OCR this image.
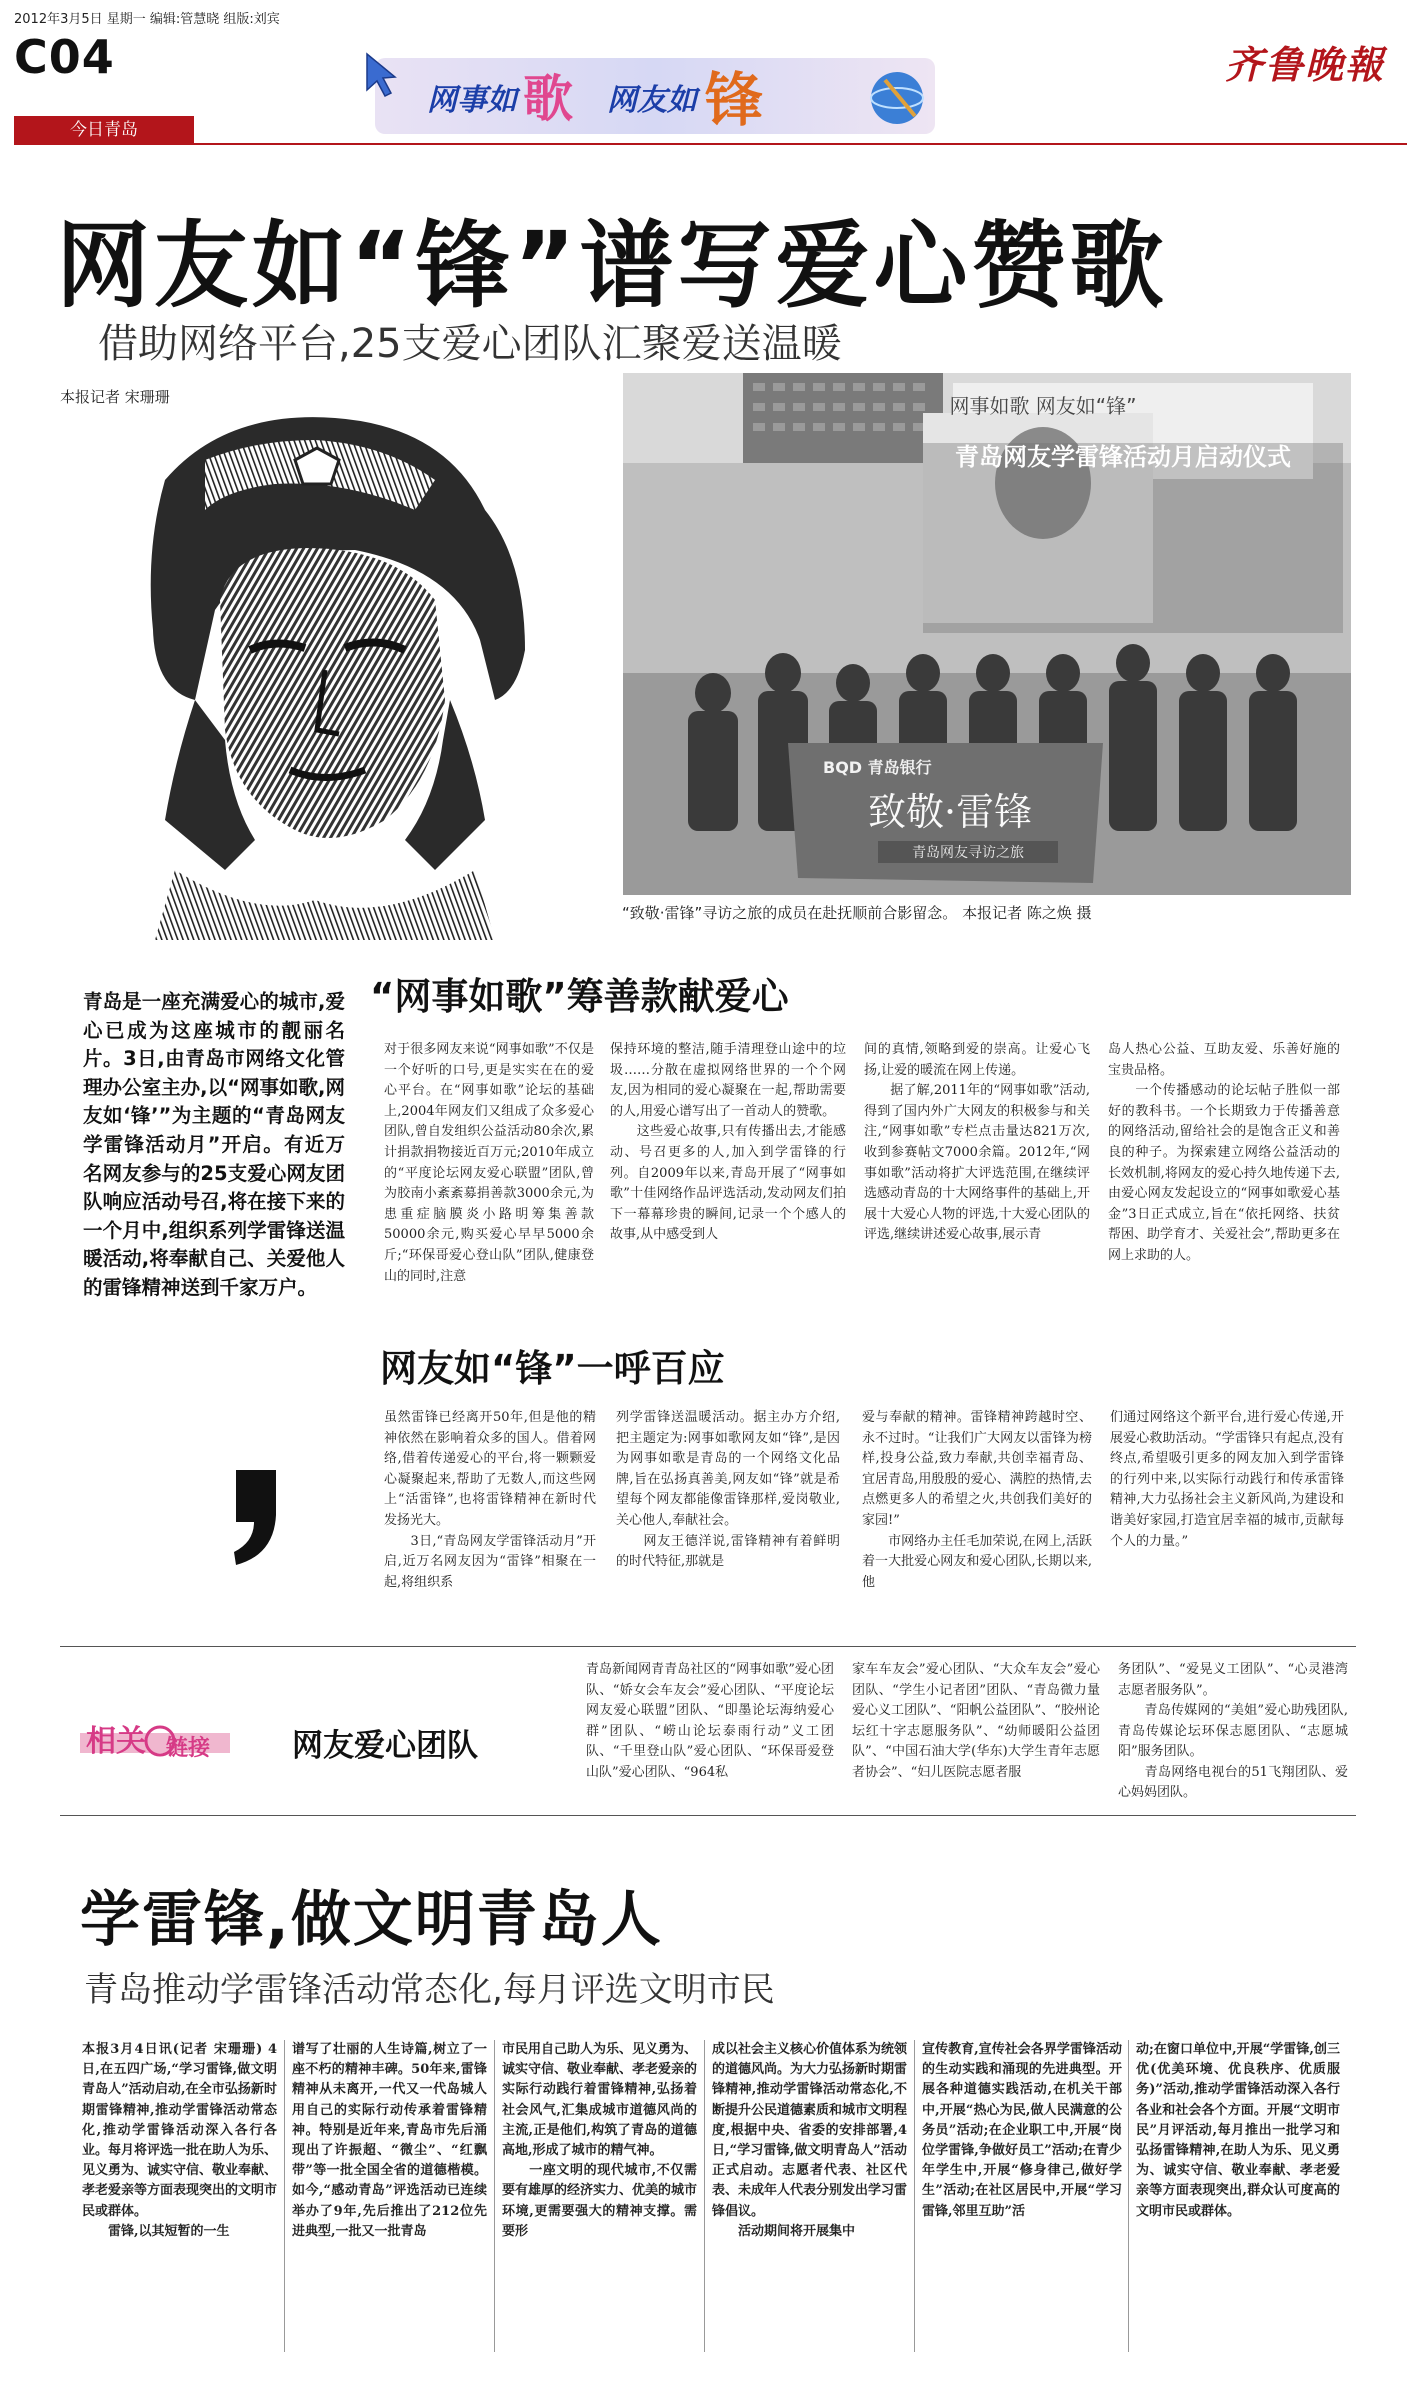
2012年3月5日 星期一 编辑:管慧晓 组版:刘宾
C04
网事如 歌 网友如 锋
齐鲁晚報
今日青岛
网友如“锋”谱写爱心赞歌
借助网络平台,25支爱心团队汇聚爱送温暖
本报记者 宋珊珊	网事如歌 网友如“锋”
青岛网友学雷锋活动月启动仪式
BQD 青岛银行
致敬·雷锋
青岛网友寻访之旅
“致敬·雷锋”寻访之旅的成员在赴抚顺前合影留念。 本报记者 陈之焕 摄
青岛是一座充满爱心的城市,爱心已成为这座城市的靓丽名片。3日,由青岛市网络文化管理办公室主办,以“网事如歌,网友如‘锋’”为主题的“青岛网友学雷锋活动月”开启。有近万名网友参与的25支爱心网友团队响应活动号召,将在接下来的一个月中,组织系列学雷锋送温暖活动,将奉献自己、关爱他人的雷锋精神送到千家万户。
“网事如歌”筹善款献爱心
对于很多网友来说“网事如歌”不仅是一个好听的口号,更是实实在在的爱心平台。在“网事如歌”论坛的基础上,2004年网友们又组成了众多爱心团队,曾自发组织公益活动80余次,累计捐款捐物接近百万元;2010年成立的“平度论坛网友爱心联盟”团队,曾为胶南小紊紊募捐善款3000余元,为患重症脑膜炎小路明筹集善款50000余元,购买爱心早早5000余斤;“环保哥爱心登山队”团队,健康登山的同时,注意
保持环境的整洁,随手清理登山途中的垃圾……分散在虚拟网络世界的一个个网友,因为相同的爱心凝聚在一起,帮助需要的人,用爱心谱写出了一首动人的赞歌。
　　这些爱心故事,只有传播出去,才能感动、号召更多的人,加入到学雷锋的行列。自2009年以来,青岛开展了“网事如歌”十佳网络作品评选活动,发动网友们拍下一幕幕珍贵的瞬间,记录一个个感人的故事,从中感受到人
间的真情,领略到爱的崇高。让爱心飞扬,让爱的暖流在网上传递。
　　据了解,2011年的“网事如歌”活动,得到了国内外广大网友的积极参与和关注,“网事如歌”专栏点击量达821万次,收到参赛帖文7000余篇。2012年,“网事如歌”活动将扩大评选范围,在继续评选感动青岛的十大网络事件的基础上,开展十大爱心人物的评选,十大爱心团队的评选,继续讲述爱心故事,展示青
岛人热心公益、互助友爱、乐善好施的宝贵品格。
　　一个传播感动的论坛帖子胜似一部好的教科书。一个长期致力于传播善意的网络活动,留给社会的是饱含正义和善良的种子。为探索建立网络公益活动的长效机制,将网友的爱心持久地传递下去,由爱心网友发起设立的“网事如歌爱心基金”3日正式成立,旨在“依托网络、扶贫帮困、助学育才、关爱社会”,帮助更多在网上求助的人。
网友如“锋”一呼百应
虽然雷锋已经离开50年,但是他的精神依然在影响着众多的国人。借着网络,借着传递爱心的平台,将一颗颗爱心凝聚起来,帮助了无数人,而这些网上“活雷锋”,也将雷锋精神在新时代发扬光大。
　　3日,“青岛网友学雷锋活动月”开启,近万名网友因为“雷锋”相聚在一起,将组织系
列学雷锋送温暖活动。据主办方介绍,把主题定为:网事如歌网友如“锋”,是因为网事如歌是青岛的一个网络文化品牌,旨在弘扬真善美,网友如“锋”就是希望每个网友都能像雷锋那样,爱岗敬业,关心他人,奉献社会。
　　网友王德洋说,雷锋精神有着鲜明的时代特征,那就是
爱与奉献的精神。雷锋精神跨越时空、永不过时。“让我们广大网友以雷锋为榜样,投身公益,致力奉献,共创幸福青岛、宜居青岛,用殷殷的爱心、满腔的热情,去点燃更多人的希望之火,共创我们美好的家园!”
　　市网络办主任毛加荣说,在网上,活跃着一大批爱心网友和爱心团队,长期以来,他
们通过网络这个新平台,进行爱心传递,开展爱心救助活动。“学雷锋只有起点,没有终点,希望吸引更多的网友加入到学雷锋的行列中来,以实际行动践行和传承雷锋精神,大力弘扬社会主义新风尚,为建设和谐美好家园,打造宜居幸福的城市,贡献每个人的力量。”
相关 链接	网友爱心团队
青岛新闻网青青岛社区的“网事如歌”爱心团队、“娇女会车友会”爱心团队、“平度论坛网友爱心联盟”团队、“即墨论坛海纳爱心群”团队、“崂山论坛泰雨行动”义工团队、“千里登山队”爱心团队、“环保哥爱登山队”爱心团队、“964私
家车车友会”爱心团队、“大众车友会”爱心团队、“学生小记者团”团队、“青岛微力量爱心义工团队”、“阳帆公益团队”、“胶州论坛红十字志愿服务队”、“幼师暖阳公益团队”、“中国石油大学(华东)大学生青年志愿者协会”、“妇儿医院志愿者服
务团队”、“爱晃义工团队”、“心灵港湾志愿者服务队”。
　　青岛传媒网的“美姐”爱心助残团队,青岛传媒论坛环保志愿团队、“志愿城阳”服务团队。
　　青岛网络电视台的51飞翔团队、爱心妈妈团队。
学雷锋,做文明青岛人
青岛推动学雷锋活动常态化,每月评选文明市民
本报3月4日讯(记者 宋珊珊) 4日,在五四广场,“学习雷锋,做文明青岛人”活动启动,在全市弘扬新时期雷锋精神,推动学雷锋活动常态化,推动学雷锋活动深入各行各业。每月将评选一批在助人为乐、见义勇为、诚实守信、敬业奉献、孝老爱亲等方面表现突出的文明市民或群体。
　　雷锋,以其短暂的一生
谱写了壮丽的人生诗篇,树立了一座不朽的精神丰碑。50年来,雷锋精神从未离开,一代又一代岛城人用自己的实际行动传承着雷锋精神。特别是近年来,青岛市先后涌现出了许振超、“微尘”、“红飘带”等一批全国全省的道德楷模。如今,“感动青岛”评选活动已连续举办了9年,先后推出了212位先进典型,一批又一批青岛
市民用自己助人为乐、见义勇为、诚实守信、敬业奉献、孝老爱亲的实际行动践行着雷锋精神,弘扬着社会风气,汇集成城市道德风尚的主流,正是他们,构筑了青岛的道德高地,形成了城市的精气神。
　　一座文明的现代城市,不仅需要有雄厚的经济实力、优美的城市环境,更需要强大的精神支撑。需要形
成以社会主义核心价值体系为统领的道德风尚。为大力弘扬新时期雷锋精神,推动学雷锋活动常态化,不断提升公民道德素质和城市文明程度,根据中央、省委的安排部署,4日,“学习雷锋,做文明青岛人”活动正式启动。志愿者代表、社区代表、未成年人代表分别发出学习雷锋倡议。
　　活动期间将开展集中
宣传教育,宣传社会各界学雷锋活动的生动实践和涌现的先进典型。开展各种道德实践活动,在机关干部中,开展“热心为民,做人民满意的公务员”活动;在企业职工中,开展“岗位学雷锋,争做好员工”活动;在青少年学生中,开展“修身律己,做好学生”活动;在社区居民中,开展“学习雷锋,邻里互助”活
动;在窗口单位中,开展“学雷锋,创三优(优美环境、优良秩序、优质服务)”活动,推动学雷锋活动深入各行各业和社会各个方面。开展“文明市民”月评活动,每月推出一批学习和弘扬雷锋精神,在助人为乐、见义勇为、诚实守信、敬业奉献、孝老爱亲等方面表现突出,群众认可度高的文明市民或群体。
